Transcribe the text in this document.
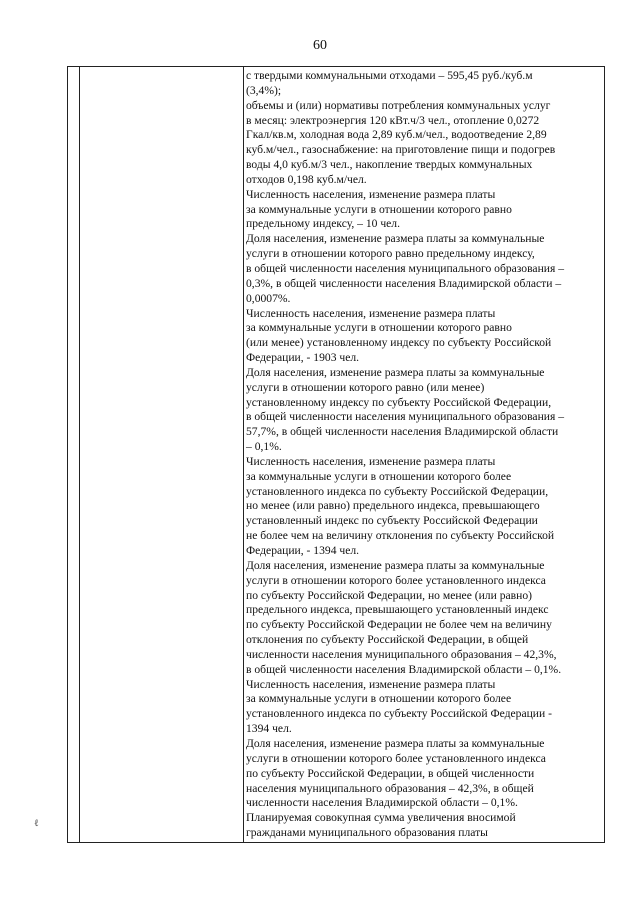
60
с твердыми коммунальными отходами – 595,45 руб./куб.м
(3,4%);
объемы и (или) нормативы потребления коммунальных услуг
в месяц: электроэнергия 120 кВт.ч/3 чел., отопление 0,0272
Гкал/кв.м, холодная вода 2,89 куб.м/чел., водоотведение 2,89
куб.м/чел., газоснабжение: на приготовление пищи и подогрев
воды 4,0 куб.м/3 чел., накопление твердых коммунальных
отходов 0,198 куб.м/чел.
Численность населения, изменение размера платы
за коммунальные услуги в отношении которого равно
предельному индексу, – 10 чел.
Доля населения, изменение размера платы за коммунальные
услуги в отношении которого равно предельному индексу,
в общей численности населения муниципального образования –
0,3%, в общей численности населения Владимирской области –
0,0007%.
Численность населения, изменение размера платы
за коммунальные услуги в отношении которого равно
(или менее) установленному индексу по субъекту Российской
Федерации, - 1903 чел.
Доля населения, изменение размера платы за коммунальные
услуги в отношении которого равно (или менее)
установленному индексу по субъекту Российской Федерации,
в общей численности населения муниципального образования –
57,7%, в общей численности населения Владимирской области
– 0,1%.
Численность населения, изменение размера платы
за коммунальные услуги в отношении которого более
установленного индекса по субъекту Российской Федерации,
но менее (или равно) предельного индекса, превышающего
установленный индекс по субъекту Российской Федерации
не более чем на величину отклонения по субъекту Российской
Федерации, - 1394 чел.
Доля населения, изменение размера платы за коммунальные
услуги в отношении которого более установленного индекса
по субъекту Российской Федерации, но менее (или равно)
предельного индекса, превышающего установленный индекс
по субъекту Российской Федерации не более чем на величину
отклонения по субъекту Российской Федерации, в общей
численности населения муниципального образования – 42,3%,
в общей численности населения Владимирской области – 0,1%.
Численность населения, изменение размера платы
за коммунальные услуги в отношении которого более
установленного индекса по субъекту Российской Федерации -
1394 чел.
Доля населения, изменение размера платы за коммунальные
услуги в отношении которого более установленного индекса
по субъекту Российской Федерации, в общей численности
населения муниципального образования – 42,3%, в общей
численности населения Владимирской области – 0,1%.
Планируемая совокупная сумма увеличения вносимой
гражданами муниципального образования платы
ℓ
